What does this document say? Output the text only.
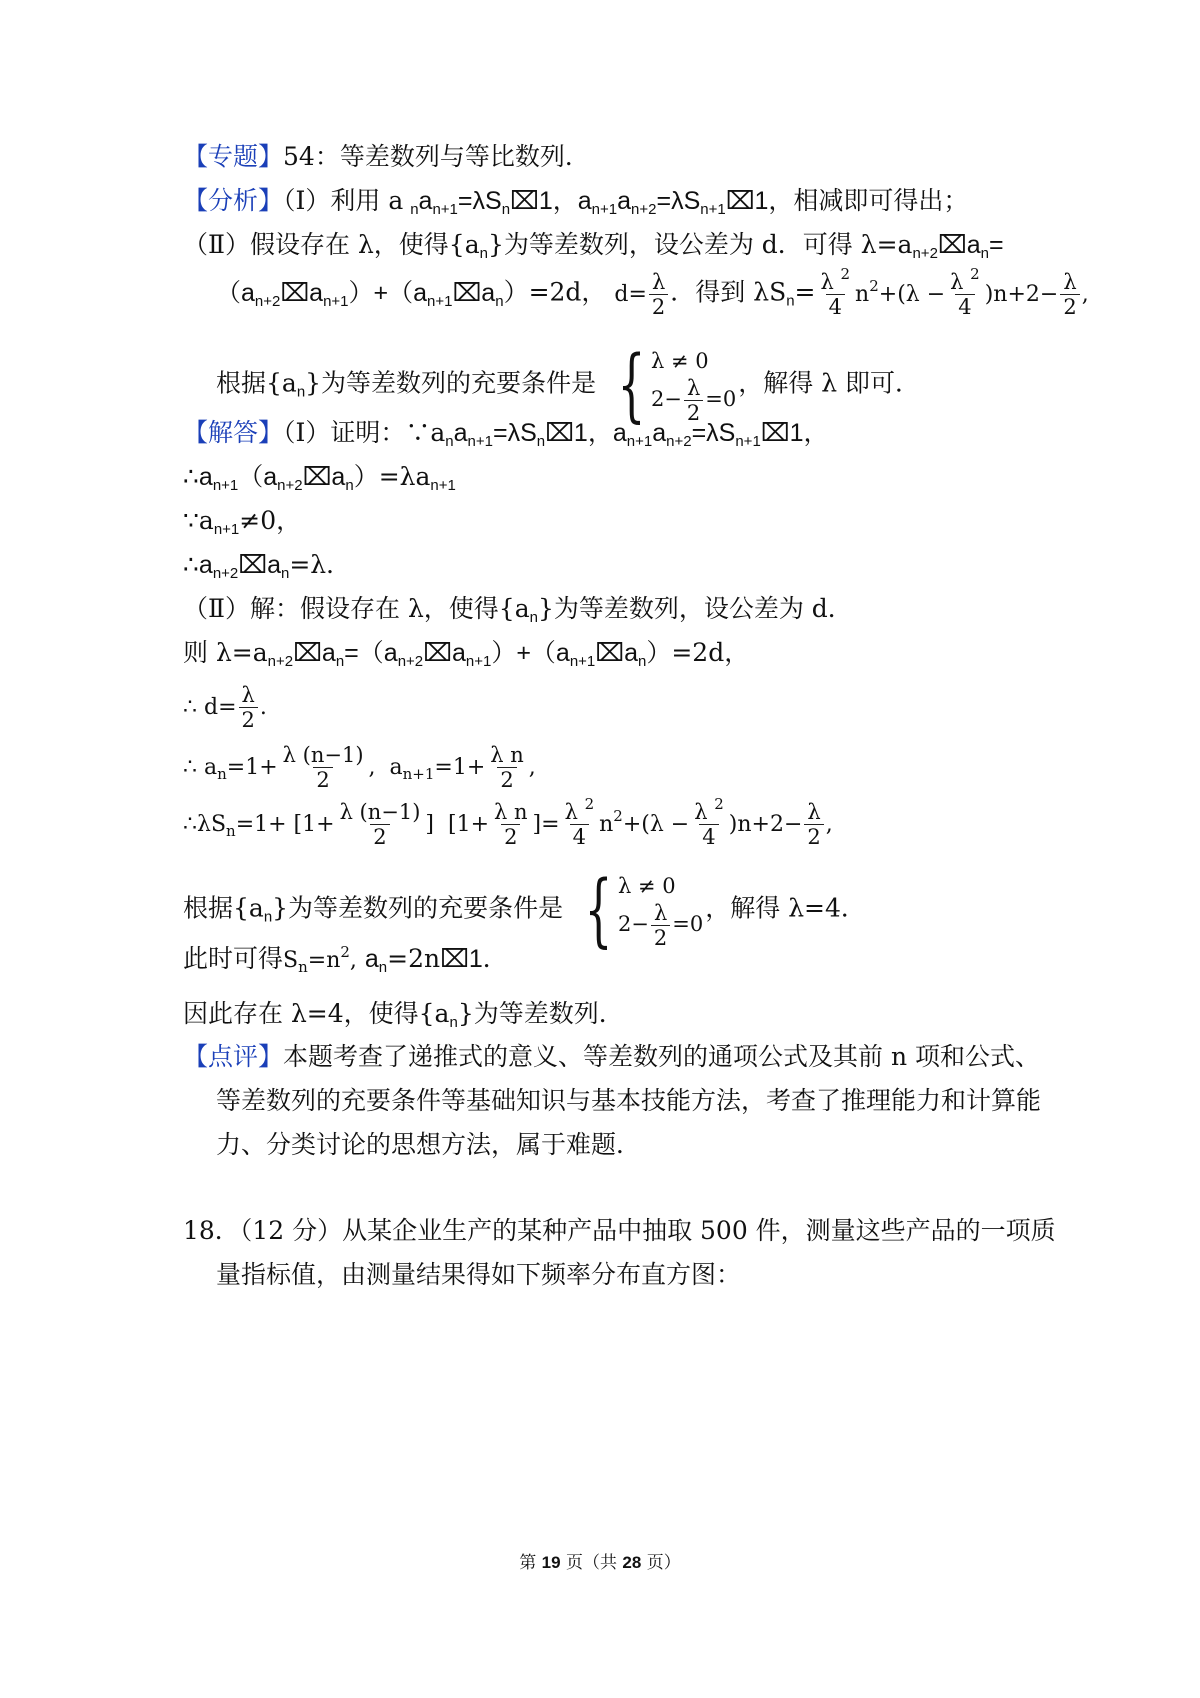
【专题】54：等差数列与等比数列．
【分析】（Ⅰ）利用 a $_na_{n+1}=\lambda S_n⌧1$，$a_{n+1}a_{n+2}=\lambda S_{n+1}⌧1$，相减即可得出；
（Ⅱ）假设存在 λ，使得$\{a_n\}$为等差数列，设公差为 d．可得 $\lambda=a_{n+2}⌧a_n=$
$(a_{n+2}⌧a_{n+1})+(a_{n+1}⌧a_n)=2d$， $d= \frac{\lambda}{2}$ ．得到 $\lambda S_n= \frac{\lambda ^2}{4} n^2+(\lambda - \frac{\lambda ^2}{4} )n+2- \frac{\lambda}{2}$ ,
根据$\{a_n\}$为等差数列的充要条件是 { λ ≠ 0
$2- \frac{\lambda}{2} =0$
，解得 λ 即可．
【解答】（Ⅰ）证明：$\because a_na_{n+1}=\lambda S_n⌧1$，$a_{n+1}a_{n+2}=\lambda S_{n+1}⌧1$，
$\therefore a_{n+1}(a_{n+2}⌧a_n)=\lambda a_{n+1}$
$\because a_{n+1}\ne 0$，
$\therefore a_{n+2}⌧a_n=\lambda$．
（Ⅱ）解：假设存在 λ，使得$\{a_n\}$为等差数列，设公差为 d．
则 $\lambda=a_{n+2}⌧a_n=(a_{n+2}⌧a_{n+1})+(a_{n+1}⌧a_n)=2d$，
∴ $d= \frac{\lambda}{2}$ .
∴ $a_n=1+ \frac{\lambda (n-1)}{2}$ ,  $a_{n+1}=1+ \frac{\text{λ n}}{2}$ ,
$\therefore\lambda S_n=1+ [1+ \frac{\lambda (n-1)}{2}$ ]  [$1+ \frac{\text{λ n}}{2}$ ]= $\frac{\lambda ^2}{4} n^2+(\lambda - \frac{\lambda ^2}{4} )n+2- \frac{\lambda}{2}$ ,
根据$\{a_n\}$为等差数列的充要条件是 { λ ≠ 0
$2- \frac{\lambda}{2} =0$
，解得 λ=4．
此时可得$S_n=n^2$, $a_n=2n⌧1$．
因此存在 λ=4，使得$\{a_n\}$为等差数列．
【点评】本题考查了递推式的意义、等差数列的通项公式及其前 n 项和公式、
等差数列的充要条件等基础知识与基本技能方法，考查了推理能力和计算能
力、分类讨论的思想方法，属于难题．
18．（12 分）从某企业生产的某种产品中抽取 500 件，测量这些产品的一项质
量指标值，由测量结果得如下频率分布直方图：
第 19 页（共 28 页）
